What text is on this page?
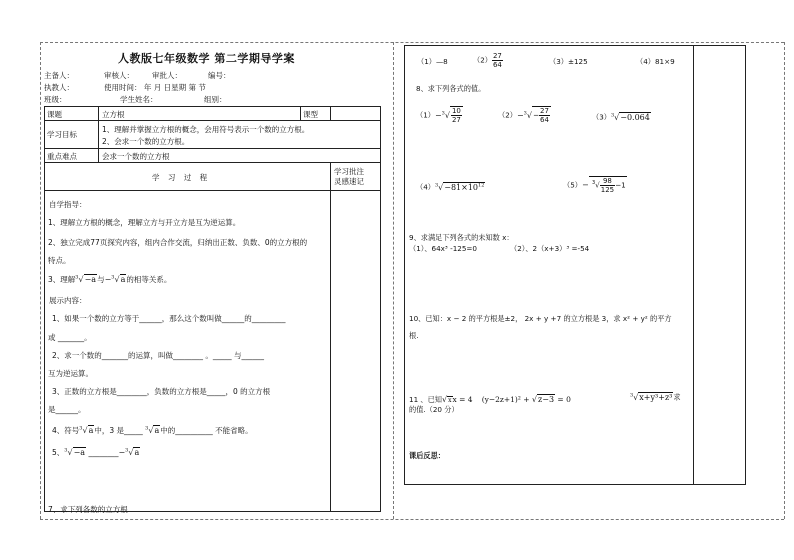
人教版七年级数学 第二学期导学案
主备人：	审核人： 审批人：	编号：
执教人：	使用时间： 年 月 日星期 第 节
班级：	学生姓名：	组别：
课题	立方根	课型
学习目标
1、理解并掌握立方根的概念，会用符号表示一个数的立方根。
2、会求一个数的立方根。
重点难点	会求一个数的立方根
学 习 过 程
学习批注
灵感速记
自学指导：
1、理解立方根的概念，理解立方与开立方是互为逆运算。
2、独立完成77页探究内容，组内合作交流，归纳出正数、负数、0的立方根的
特点。
3、理解$^3$√−a与−$^3$√a的相等关系。
展示内容：
1、如果一个数的立方等于______，那么这个数叫做______的_________
或 _______。
2、求一个数的_______的运算，叫做________ 。_____ 与______
互为逆运算。
3、正数的立方根是________，负数的立方根是_____，0 的立方根
是______。
4、符号$^3$√a中，3 是_____ $^3$√a中的__________ 不能省略。
5、$^3$√−a ________−$^3$√a
7、求下列各数的立方根
（1）—8	$(2) \frac{27}{64}$	（3）±125	（4）81×9
8、求下列各式的值。
$(1)-^3√ \frac{10}{27}$	$(2)-^3√- \frac{27}{64}$	$(3)^3√-0.064$
$(4)^3√-81\times 10^{12}$	$(5)- ^3√ \frac{98}{125} -1$
9、求满足下列各式的未知数 x：
（1）、64x³ -125=0	（2）、2（x+3）³ =-54
10、已知：x − 2 的平方根是±2， 2x + y +7 的立方根是 3，求 x² + y² 的平方
根.
11 、已知√xx = 4 (y−2z+1)² + √z−3 = 0	$^3$√x+y³+z³求
的值.（20 分）
课后反思：
